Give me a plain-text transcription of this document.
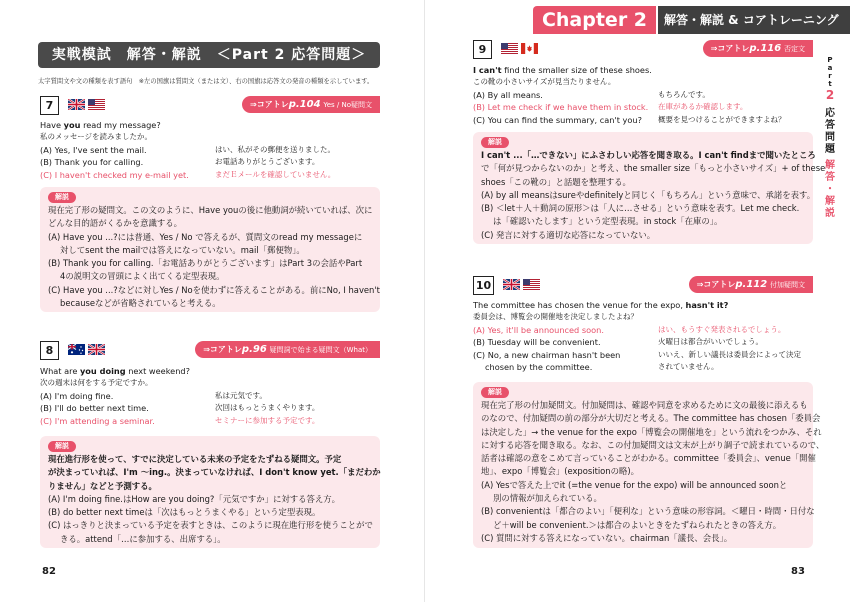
実戦模試　解答・解説　＜Part 2 応答問題＞
太字質問文や文の種類を表す語句　※左の国旗は質問文（または文）、右の国旗は応答文の発音の種類を示しています。
7	⇒コアトレp.104 Yes / No疑問文
Have you read my message?
私のメッセージを読みましたか。
(A) Yes, I've sent the mail.	はい、私がその郵便を送りました。
(B) Thank you for calling.	お電話ありがとうございます。
(C) I haven't checked my e-mail yet.	まだＥメールを確認していません。
解説
現在完了形の疑問文。この文のように、Have youの後に他動詞が続いていれば、次に
どんな目的語がくるかを意識する。
(A) Have you ...?には普通、Yes / No で答えるが、質問文のread my messageに
対してsent the mailでは答えになっていない。mail「郵便物」。
(B) Thank you for calling.「お電話ありがとうございます」はPart 3の会話やPart
4の説明文の冒頭によく出てくる定型表現。
(C) Have you ...?などに対しYes / Noを使わずに答えることがある。前にNo, I haven't
becauseなどが省略されていると考える。
8	⇒コアトレp.96 疑問詞で始まる疑問文（What）
What are you doing next weekend?
次の週末は何をする予定ですか。
(A) I'm doing fine.	私は元気です。
(B) I'll do better next time.	次回はもっとうまくやります。
(C) I'm attending a seminar.	セミナーに参加する予定です。
解説
現在進行形を使って、すでに決定している未来の予定をたずねる疑問文。予定
が決まっていれば、I'm ～ing.。決まっていなければ、I don't know yet.「まだわか
りません」などと予測する。
(A) I'm doing fine.はHow are you doing?「元気ですか」に対する答え方。
(B) do better next timeは「次はもっとうまくやる」という定型表現。
(C) はっきりと決まっている予定を表すときは、このように現在進行形を使うことがで
きる。attend「…に参加する、出席する」。
82
Chapter 2	解答・解説 & コアトレーニング
P
a
r
t
2
応
答
問
題
解
答
・
解
説
9	⇒コアトレp.116 否定文
I can't find the smaller size of these shoes.
この靴の小さいサイズが見当たりません。
(A) By all means.	もちろんです。
(B) Let me check if we have them in stock. 在庫があるか確認します。
(C) You can find the summary, can't you? 概要を見つけることができますよね？
解説
I can't ...「…できない」にふさわしい応答を聞き取る。I can't findまで聞いたところ
で「何が見つからないのか」と考え、the smaller size「もっと小さいサイズ」+ of these
shoes「この靴の」と話題を整理する。
(A) by all meansはsureやdefinitelyと同じく「もちろん」という意味で、承諾を表す。
(B) ＜let＋人＋動詞の原形＞は「人に…させる」という意味を表す。Let me check.
は「確認いたします」という定型表現。in stock「在庫の」。
(C) 発言に対する適切な応答になっていない。
10	⇒コアトレp.112 付加疑問文
The committee has chosen the venue for the expo, hasn't it?
委員会は、博覧会の開催地を決定しましたよね？
(A) Yes, it'll be announced soon.	はい、もうすぐ発表されるでしょう。
(B) Tuesday will be convenient.	火曜日は都合がいいでしょう。
(C) No, a new chairman hasn't been	いいえ、新しい議長は委員会によって決定
chosen by the committee.	されていません。
解説
現在完了形の付加疑問文。付加疑問は、確認や同意を求めるために文の最後に添えるも
のなので、付加疑問の前の部分が大切だと考える。The committee has chosen「委員会
は決定した」→ the venue for the expo「博覧会の開催地を」という流れをつかみ、それ
に対する応答を聞き取る。なお、この付加疑問文は文末が上がり調子で読まれているので、
話者は確認の意をこめて言っていることがわかる。committee「委員会」、venue「開催
地」、expo「博覧会」(expositionの略)。
(A) Yesで答えた上でit (=the venue for the expo) will be announced soonと
別の情報が加えられている。
(B) convenientは「都合のよい」「便利な」という意味の形容詞。＜曜日・時間・日付な
ど＋will be convenient.＞は都合のよいときをたずねられたときの答え方。
(C) 質問に対する答えになっていない。chairman「議長、会長」。
83
